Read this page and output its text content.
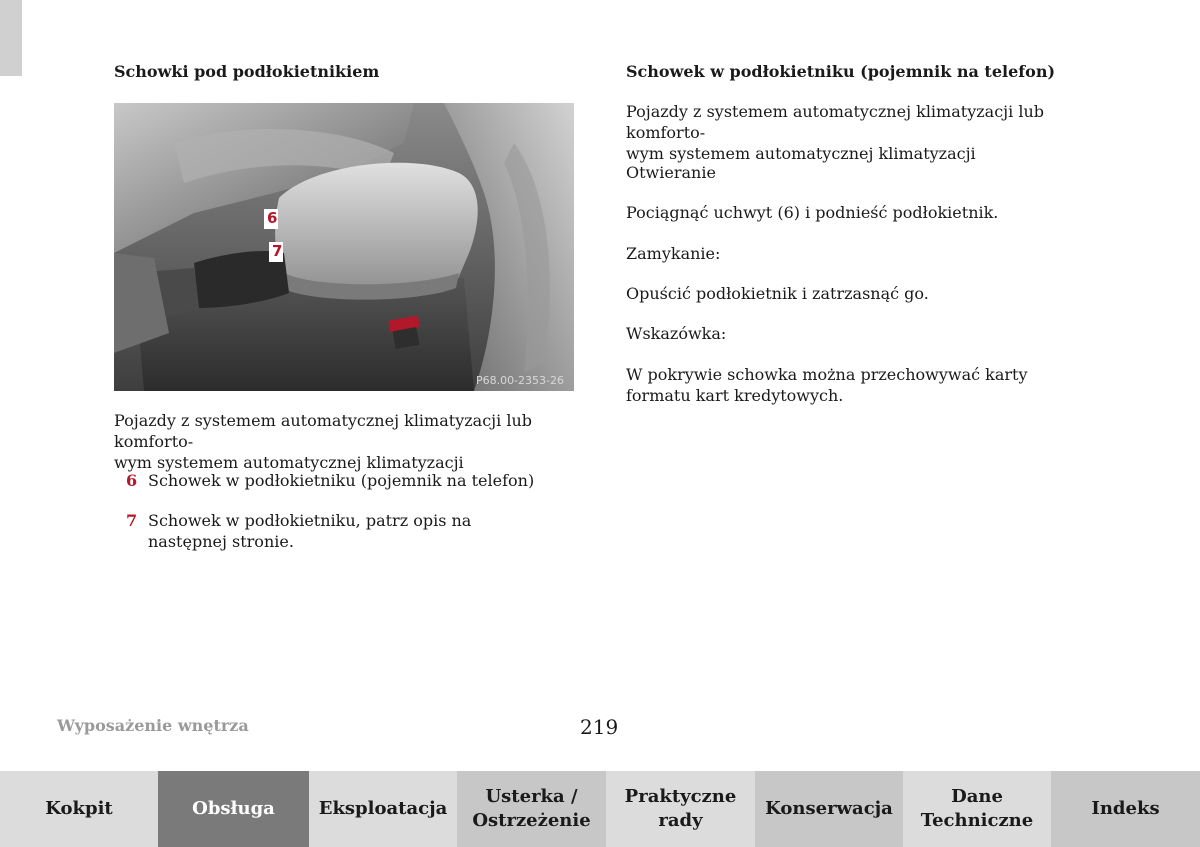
Schowki pod podłokietnikiem
6
7
P68.00-2353-26

Pojazdy z systemem automatycznej klimatyzacji lub komforto-
wym systemem automatycznej klimatyzacji

6 Schowek w podłokietniku (pojemnik na telefon)
7 Schowek w podłokietniku, patrz opis na następnej stronie.
Schowek w podłokietniku (pojemnik na telefon)

Pojazdy z systemem automatycznej klimatyzacji lub komforto-
wym systemem automatycznej klimatyzacji

Otwieranie

Pociągnąć uchwyt (6) i podnieść podłokietnik.

Zamykanie:

Opuścić podłokietnik i zatrzasnąć go.

Wskazówka:

W pokrywie schowka można przechowywać karty formatu kart kredytowych.

Wyposażenie wnętrza	219
Kokpit	Obsługa	Eksploatacja
Usterka /
Ostrzeżenie
Praktyczne
rady
Konserwacja
Dane
Techniczne
Indeks
